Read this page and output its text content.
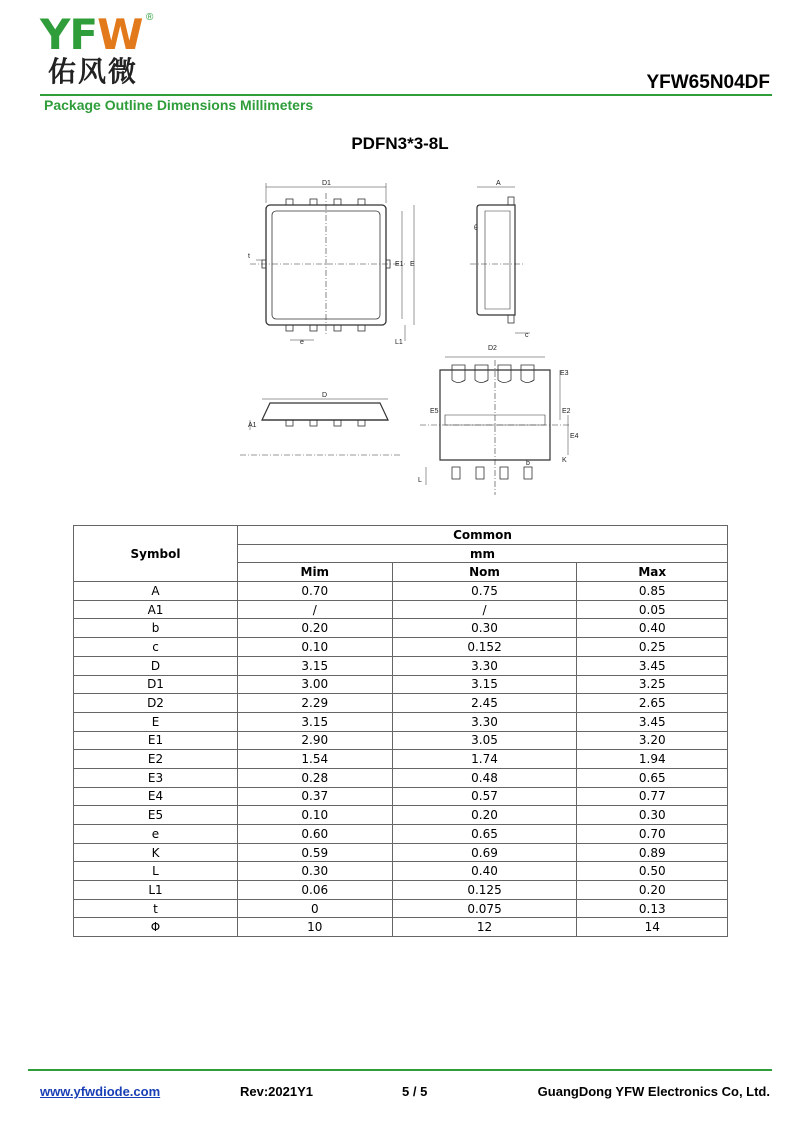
YFW ®
佑风微	YFW65N04DF
Package Outline Dimensions Millimeters
PDFN3*3-8L
D1
E1 E
t
e	L1
A
θ
c
D2
E3
E5	E2
E4
K
b
L
D
A1
Symbol	Common		
	mm		
	Mim	Nom	Max
A	0.70	0.75	0.85
A1	/	/	0.05
b	0.20	0.30	0.40
c	0.10	0.152	0.25
D	3.15	3.30	3.45
D1	3.00	3.15	3.25
D2	2.29	2.45	2.65
E	3.15	3.30	3.45
E1	2.90	3.05	3.20
E2	1.54	1.74	1.94
E3	0.28	0.48	0.65
E4	0.37	0.57	0.77
E5	0.10	0.20	0.30
e	0.60	0.65	0.70
K	0.59	0.69	0.89
L	0.30	0.40	0.50
L1	0.06	0.125	0.20
t	0	0.075	0.13
Φ	10	12	14
www.yfwdiode.com	Rev:2021Y1	5 / 5	GuangDong YFW Electronics Co, Ltd.
